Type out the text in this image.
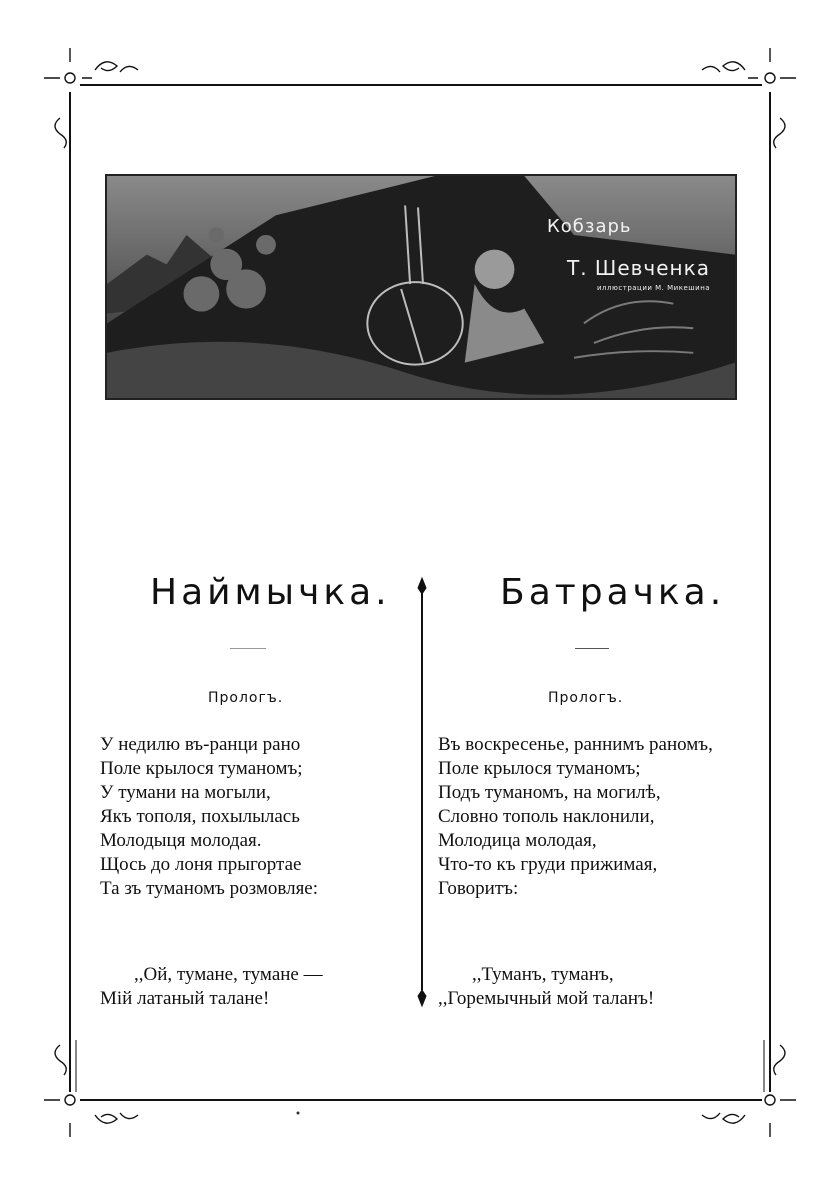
Кобзарь
Т. Шевченка
иллюстрации М. Микешина
Наймычка.
Прологъ.
У недилю въ-ранци рано
Поле крылося туманомъ;
У тумани на могыли,
Якъ тополя, похылылась
Молодыця молодая.
Щось до лоня прыгортае
Та зъ туманомъ розмовляе:
,,Ой, тумане, тумане —
Мій латаный талане!
Батрачка.
Прологъ.
Въ воскресенье, раннимъ раномъ,
Поле крылося туманомъ;
Подъ туманомъ, на могилѣ,
Словно тополь наклонили,
Молодица молодая,
Что-то къ груди прижимая,
Говоритъ:
,,Туманъ, туманъ,
,,Горемычный мой таланъ!
